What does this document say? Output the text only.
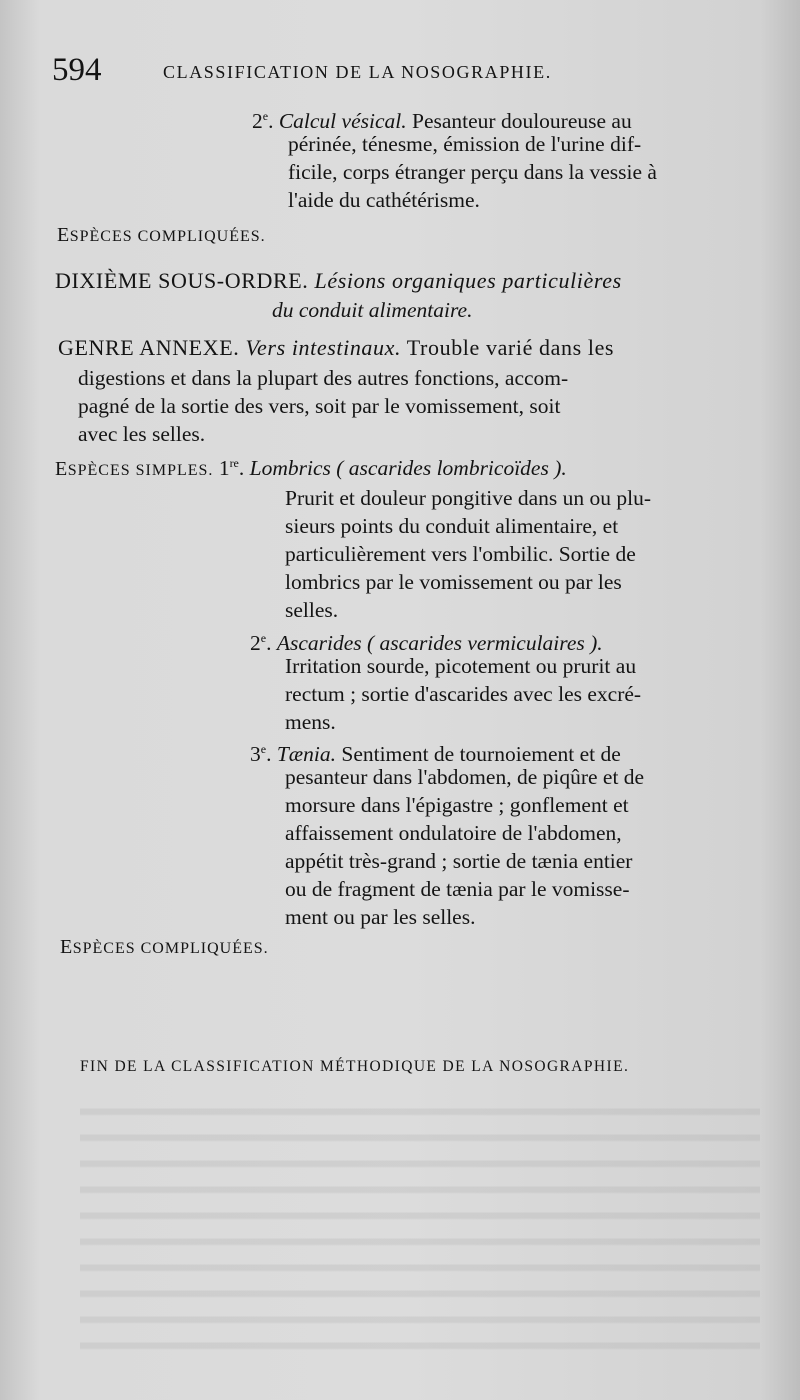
594	CLASSIFICATION DE LA NOSOGRAPHIE.
2e. Calcul vésical. Pesanteur douloureuse au
périnée, ténesme, émission de l'urine dif-
ficile, corps étranger perçu dans la vessie à
l'aide du cathétérisme.
ESPÈCES COMPLIQUÉES.
DIXIÈME SOUS-ORDRE. Lésions organiques particulières
du conduit alimentaire.
GENRE ANNEXE. Vers intestinaux. Trouble varié dans les
digestions et dans la plupart des autres fonctions, accom-
pagné de la sortie des vers, soit par le vomissement, soit
avec les selles.
ESPÈCES SIMPLES. 1re. Lombrics ( ascarides lombricoïdes ).
Prurit et douleur pongitive dans un ou plu-
sieurs points du conduit alimentaire, et
particulièrement vers l'ombilic. Sortie de
lombrics par le vomissement ou par les
selles.
2e. Ascarides ( ascarides vermiculaires ).
Irritation sourde, picotement ou prurit au
rectum ; sortie d'ascarides avec les excré-
mens.
3e. Tænia. Sentiment de tournoiement et de
pesanteur dans l'abdomen, de piqûre et de
morsure dans l'épigastre ; gonflement et
affaissement ondulatoire de l'abdomen,
appétit très-grand ; sortie de tænia entier
ou de fragment de tænia par le vomisse-
ment ou par les selles.
ESPÈCES COMPLIQUÉES.
FIN DE LA CLASSIFICATION MÉTHODIQUE DE LA NOSOGRAPHIE.
